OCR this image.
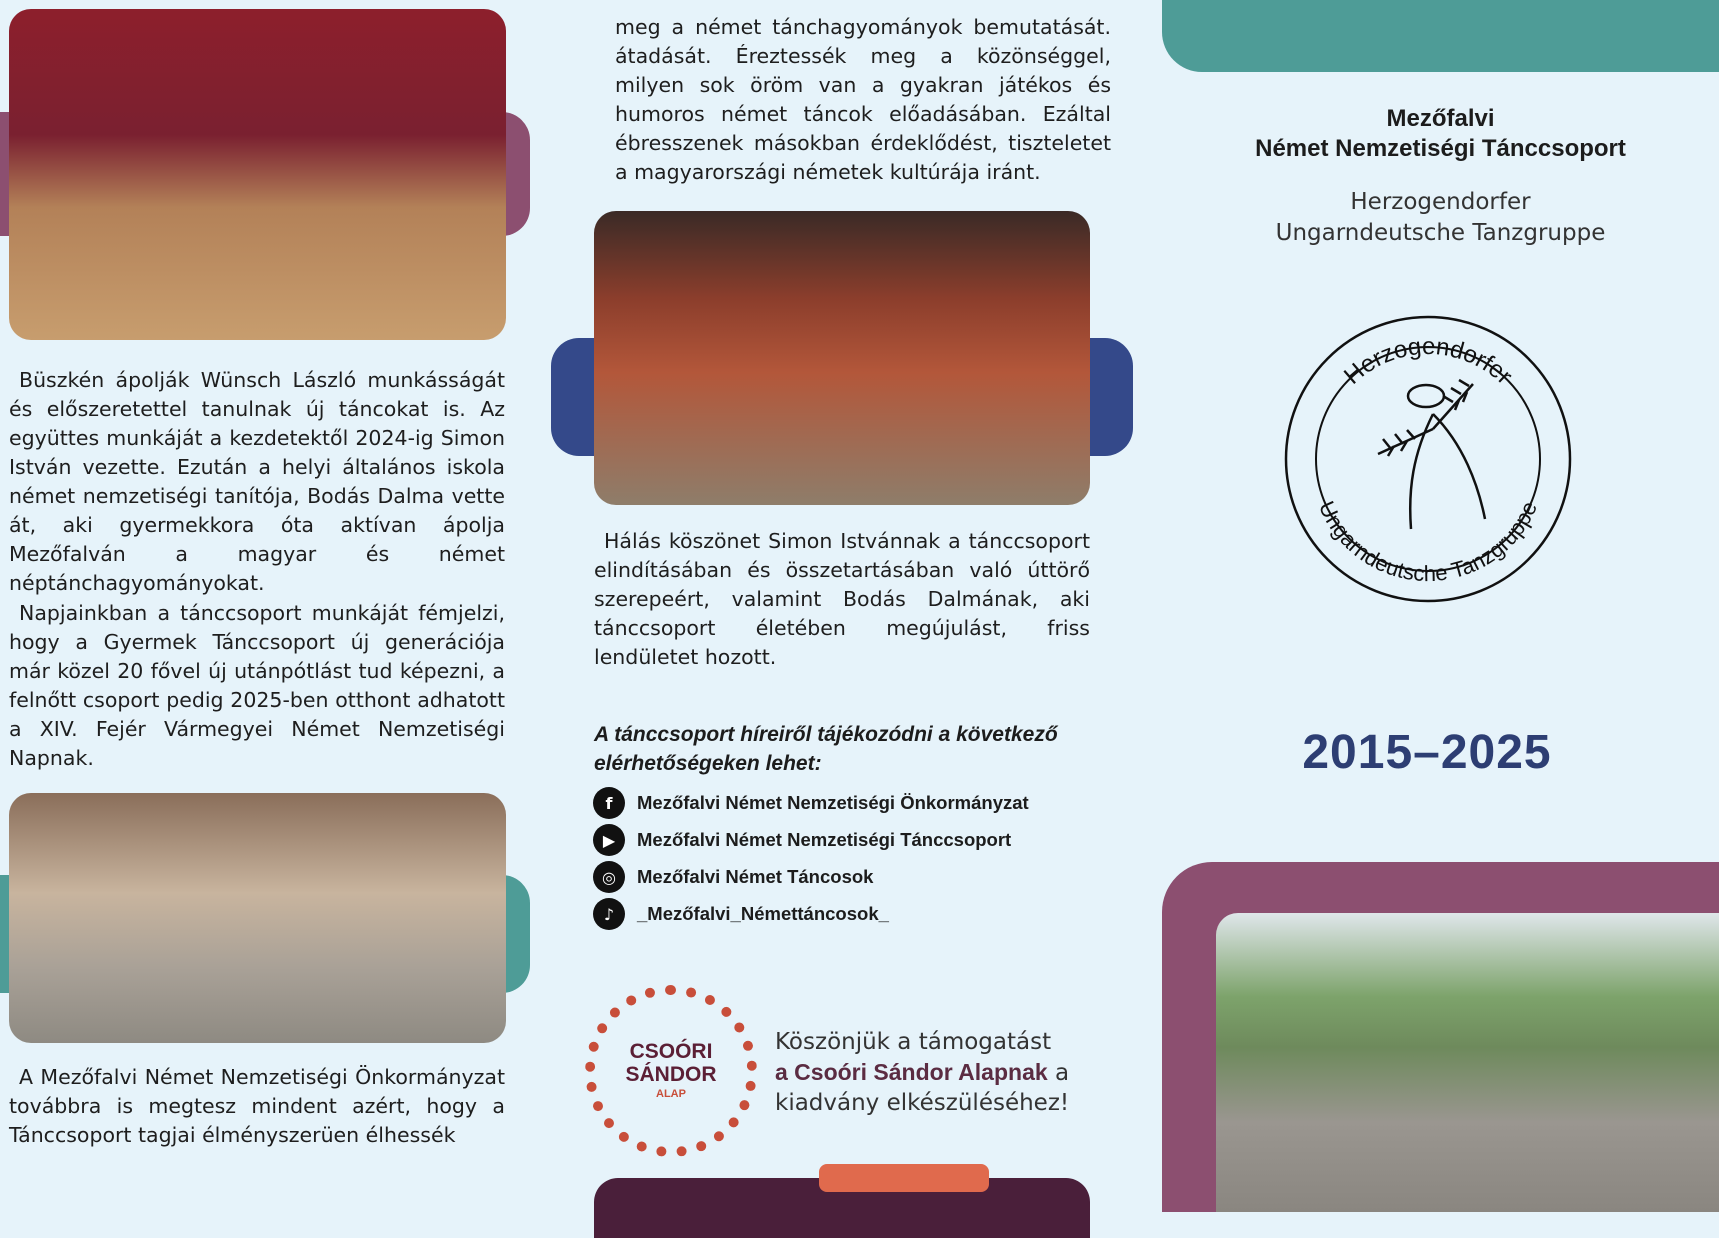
Büszkén ápolják Wünsch László munkásságát és előszeretettel tanulnak új táncokat is. Az együttes munkáját a kezdetektől 2024-ig Simon István vezette. Ezután a helyi általános iskola német nemzetiségi tanítója, Bodás Dalma vette át, aki gyermekkora óta aktívan ápolja Mezőfalván a magyar és német néptánchagyományokat.

Napjainkban a tánccsoport munkáját fémjelzi, hogy a Gyermek Tánccsoport új generációja már közel 20 fővel új utánpótlást tud képezni, a felnőtt csoport pedig 2025-ben otthont adhatott a XIV. Fejér Vármegyei Német Nemzetiségi Napnak.

A Mezőfalvi Német Nemzetiségi Önkormányzat továbbra is megtesz mindent azért, hogy a Tánccsoport tagjai élményszerüen élhessék

meg a német tánchagyományok bemutatását. átadását. Éreztessék meg a közönséggel, milyen sok öröm van a gyakran játékos és humoros német táncok előadásában. Ezáltal ébresszenek másokban érdeklődést, tiszteletet a magyarországi németek kultúrája iránt.

Hálás köszönet Simon Istvánnak a tánccsoport elindításában és összetartásában való úttörő szerepeért, valamint Bodás Dalmának, aki tánccsoport életében megújulást, friss lendületet hozott.

A tánccsoport híreiről tájékozódni a következő elérhetőségeken lehet:
f	Mezőfalvi Német Nemzetiségi Önkormányzat
▶	Mezőfalvi Német Nemzetiségi Tánccsoport
◎	Mezőfalvi Német Táncosok
♪	_Mezőfalvi_Némettáncosok_
CSOÓRI
SÁNDOR
ALAP
Köszönjük a támogatást
a Csoóri Sándor Alapnak a
kiadvány elkészüléséhez!
Mezőfalvi
Német Nemzetiségi Tánccsoport
Herzogendorfer
Ungarndeutsche Tanzgruppe
Herzogendorfer
Ungarndeutsche Tanzgruppe
2015–2025
